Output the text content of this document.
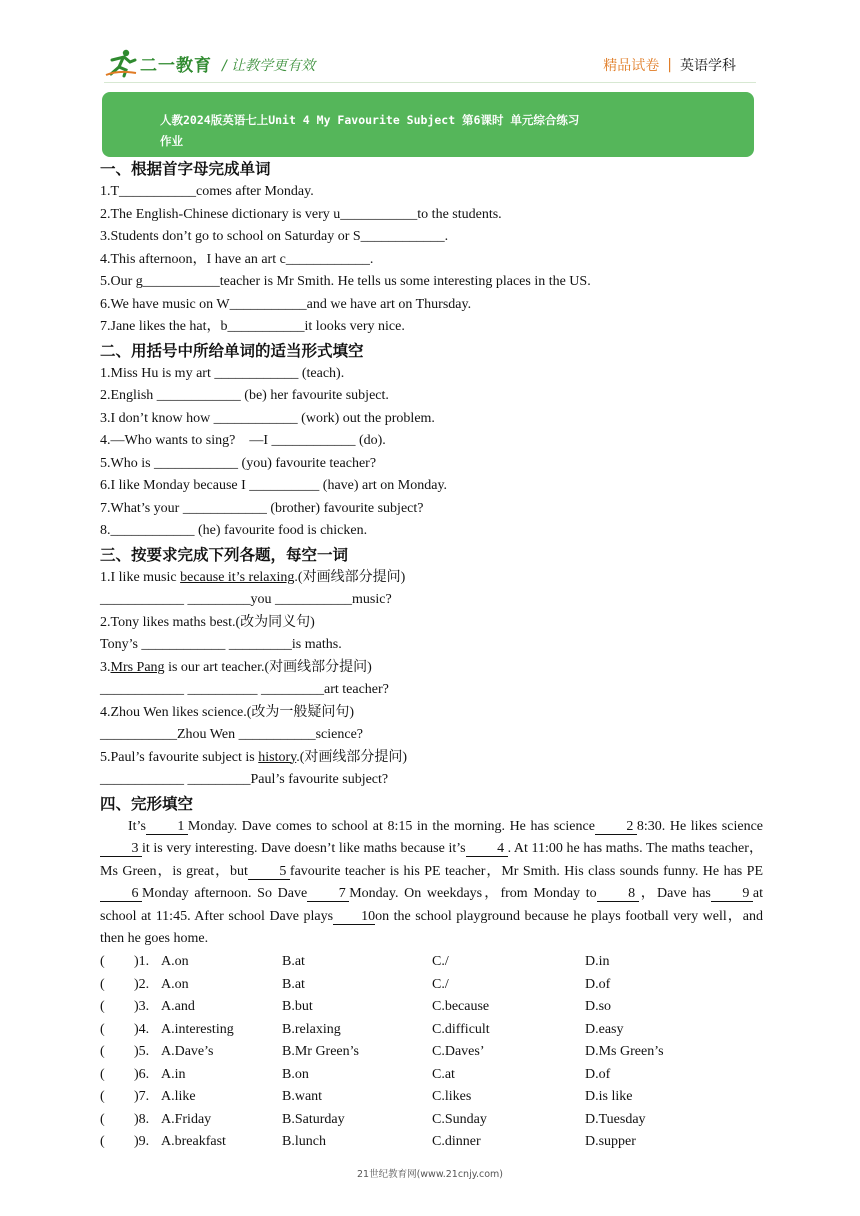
二一教育 / 让教学更有效	精品试卷 | 英语学科
人教2024版英语七上Unit 4 My Favourite Subject 第6课时 单元综合练习
作业
一、根据首字母完成单词
1.T___________comes after Monday.
2.The English-Chinese dictionary is very u___________to the students.
3.Students don’t go to school on Saturday or S____________.
4.This afternoon，I have an art c____________.
5.Our g___________teacher is Mr Smith. He tells us some interesting places in the US.
6.We have music on W___________and we have art on Thursday.
7.Jane likes the hat，b___________it looks very nice.
二、用括号中所给单词的适当形式填空
1.Miss Hu is my art ____________ (teach).
2.English ____________ (be) her favourite subject.
3.I don’t know how ____________ (work) out the problem.
4.—Who wants to sing?    —I ____________ (do).
5.Who is ____________ (you) favourite teacher?
6.I like Monday because I __________ (have) art on Monday.
7.What’s your ____________ (brother) favourite subject?
8.____________ (he) favourite food is chicken.
三、按要求完成下列各题，每空一词
1.I like music because it’s relaxing.(对画线部分提问)
____________ _________you ___________music?
2.Tony likes maths best.(改为同义句)
Tony’s ____________ _________is maths.
3.Mrs Pang is our art teacher.(对画线部分提问)
____________ __________ _________art teacher?
4.Zhou Wen likes science.(改为一般疑问句)
___________Zhou Wen ___________science?
5.Paul’s favourite subject is history.(对画线部分提问)
____________ _________Paul’s favourite subject?
四、完形填空
It’s 1 Monday. Dave comes to school at 8:15 in the morning. He has science 2 8:30. He likes science3 it is very interesting. Dave doesn’t like maths because it’s 4 . At 11:00 he has maths. The maths teacher，Ms Green，is great，but 5 favourite teacher is his PE teacher，Mr Smith. His class sounds funny. He has PE6 Monday afternoon. So Dave 7 Monday. On weekdays，from Monday to 8 ，Dave has 9 at school at 11:45. After school Dave plays 10on the school playground because he plays football very well，and then he goes home.
( )1. A.on	B.at	C./	D.in
( )2. A.on	B.at	C./	D.of
( )3. A.and	B.but	C.because	D.so
( )4. A.interesting	B.relaxing	C.difficult	D.easy
( )5. A.Dave’s	B.Mr Green’s	C.Daves’	D.Ms Green’s
( )6. A.in	B.on	C.at	D.of
( )7. A.like	B.want	C.likes	D.is like
( )8. A.Friday	B.Saturday	C.Sunday	D.Tuesday
( )9. A.breakfast	B.lunch	C.dinner	D.supper
21世纪教育网(www.21cnjy.com)
